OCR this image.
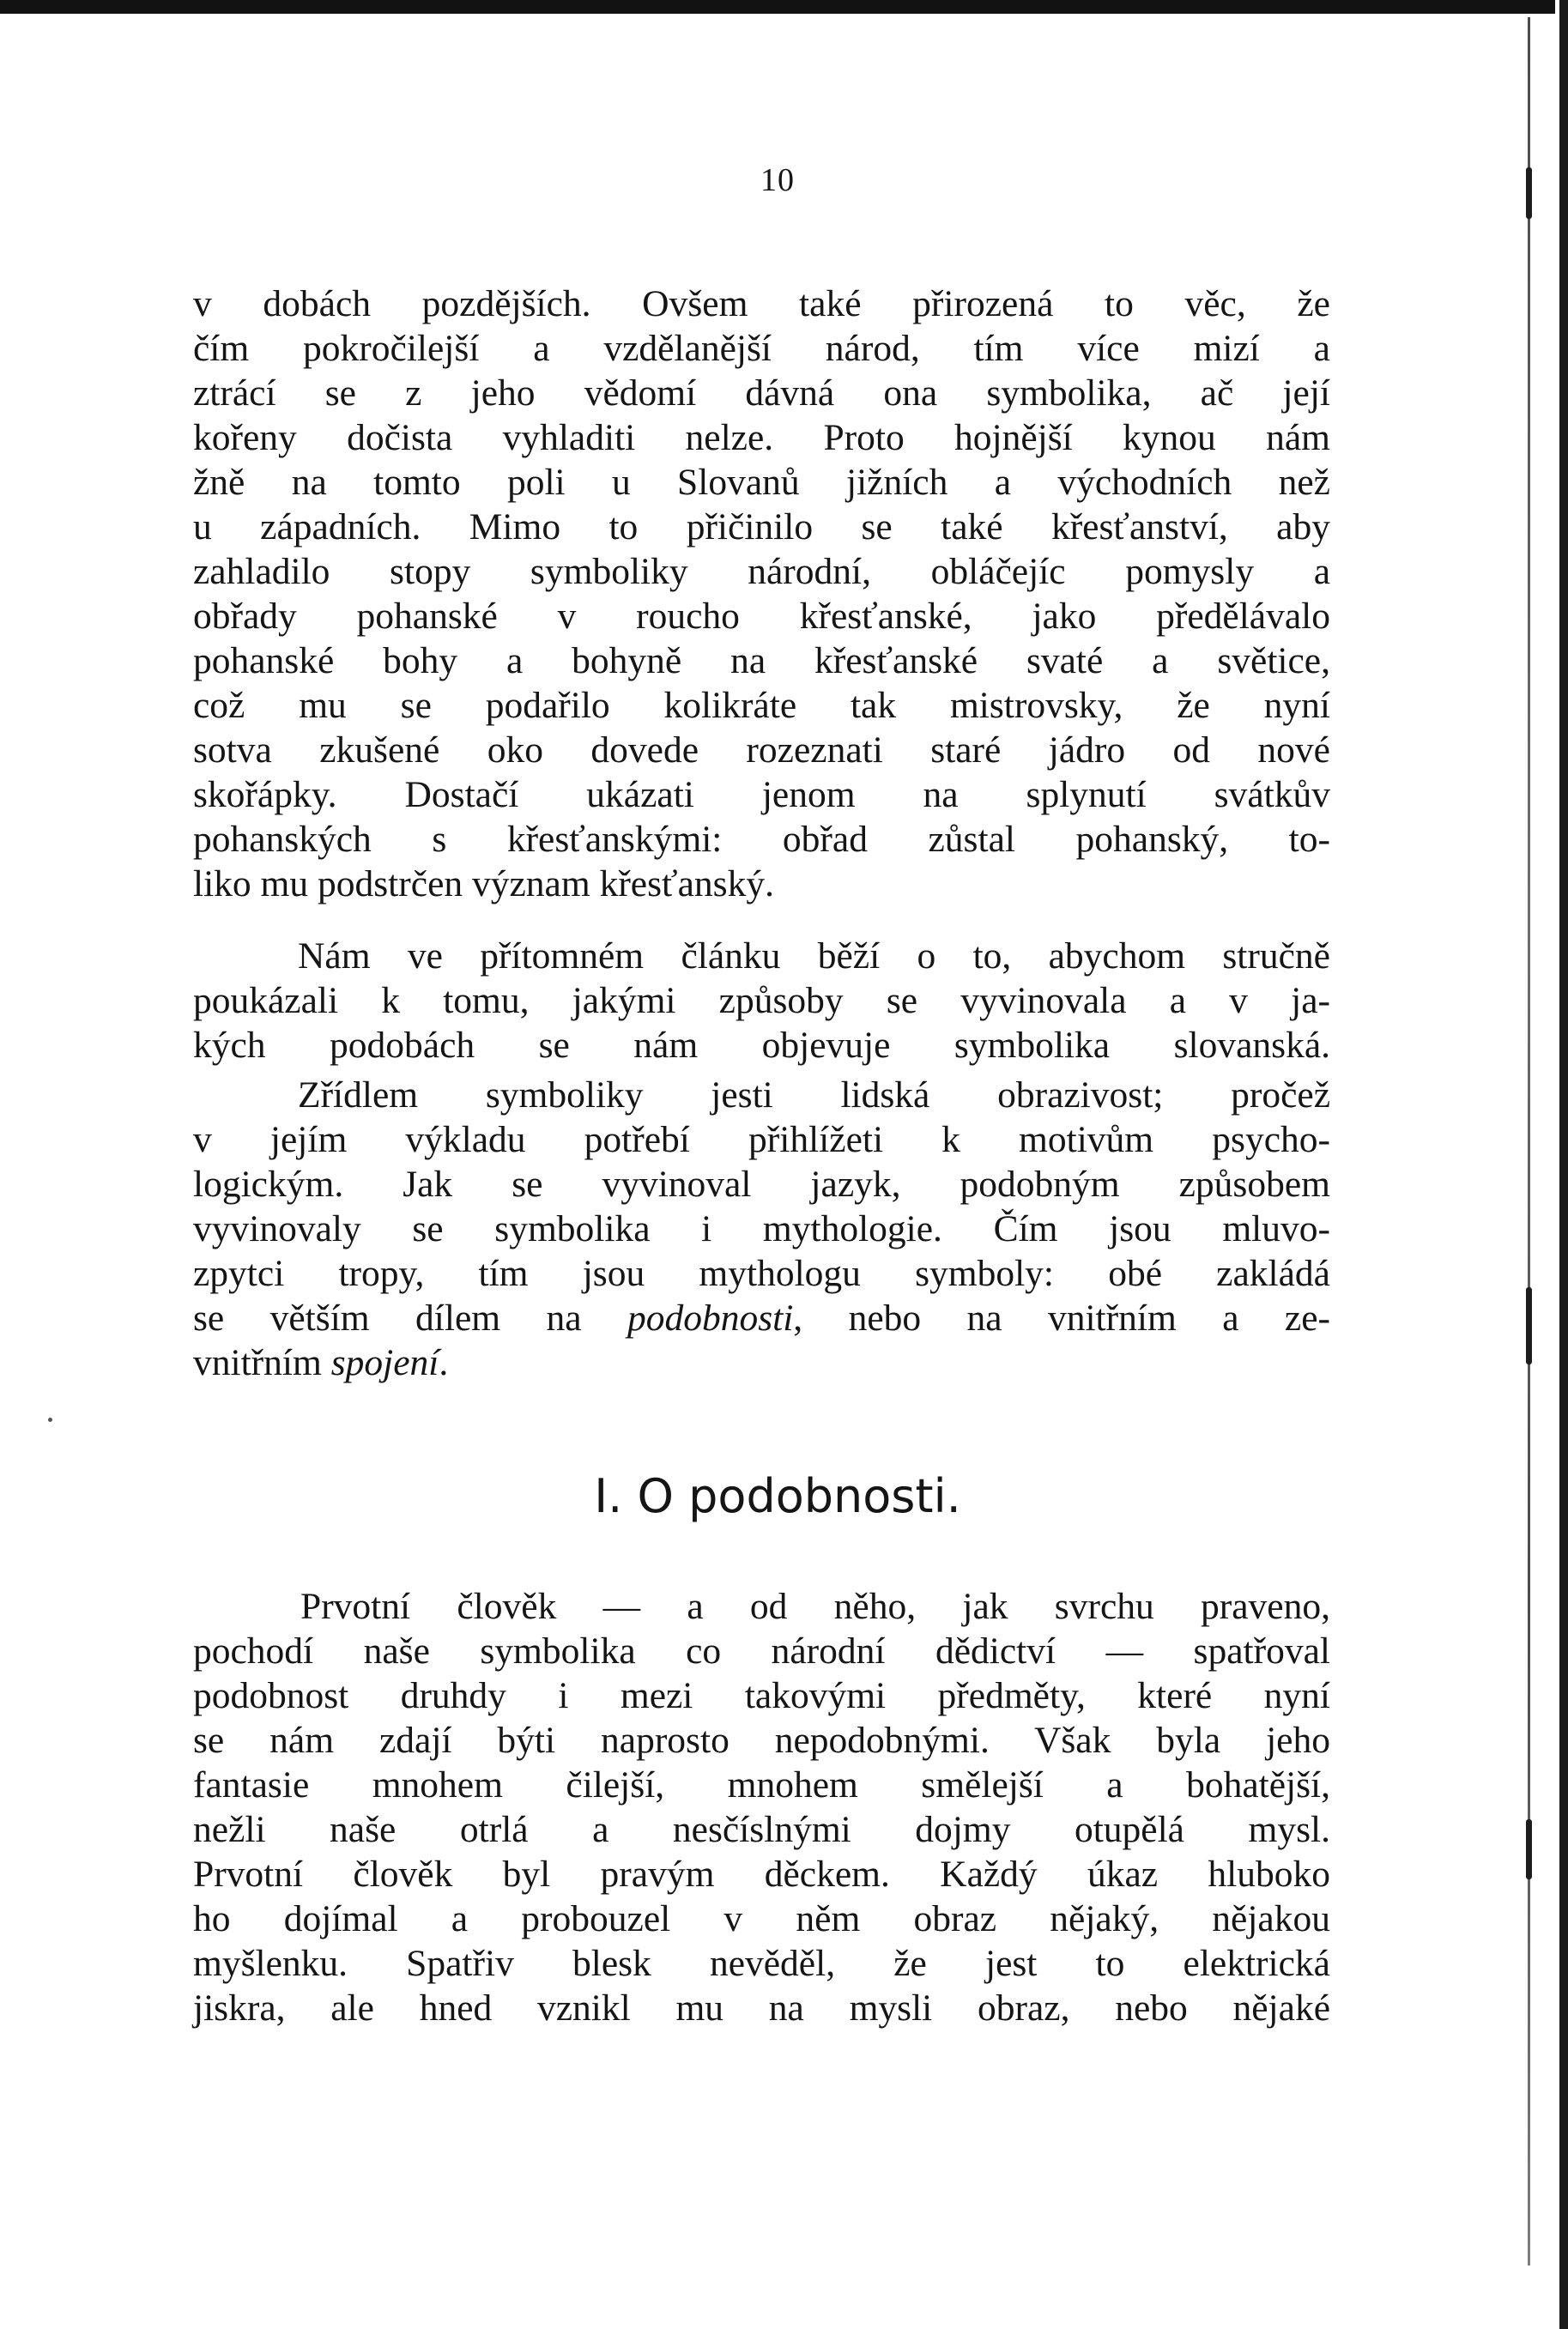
10
v dobách pozdějších. Ovšem také přirozená to věc, že
čím pokročilejší a vzdělanější národ, tím více mizí a
ztrácí se z jeho vědomí dávná ona symbolika, ač její
kořeny dočista vyhladiti nelze. Proto hojnější kynou nám
žně na tomto poli u Slovanů jižních a východních než
u západních. Mimo to přičinilo se také křesťanství, aby
zahladilo stopy symboliky národní, obláčejíc pomysly a
obřady pohanské v roucho křesťanské, jako předělávalo
pohanské bohy a bohyně na křesťanské svaté a světice,
což mu se podařilo kolikráte tak mistrovsky, že nyní
sotva zkušené oko dovede rozeznati staré jádro od nové
skořápky. Dostačí ukázati jenom na splynutí svátkův
pohanských s křesťanskými: obřad zůstal pohanský, to-
liko mu podstrčen význam křesťanský.
Nám ve přítomném článku běží o to, abychom stručně
poukázali k tomu, jakými způsoby se vyvinovala a v ja-
kých podobách se nám objevuje symbolika slovanská.
Zřídlem symboliky jesti lidská obrazivost; pročež
v jejím výkladu potřebí přihlížeti k motivům psycho-
logickým. Jak se vyvinoval jazyk, podobným způsobem
vyvinovaly se symbolika i mythologie. Čím jsou mluvo-
zpytci tropy, tím jsou mythologu symboly: obé zakládá
se větším dílem na podobnosti, nebo na vnitřním a ze-
vnitřním spojení.
I. O podobnosti.
Prvotní člověk — a od něho, jak svrchu praveno,
pochodí naše symbolika co národní dědictví — spatřoval
podobnost druhdy i mezi takovými předměty, které nyní
se nám zdají býti naprosto nepodobnými. Však byla jeho
fantasie mnohem čilejší, mnohem smělejší a bohatější,
nežli naše otrlá a nesčíslnými dojmy otupělá mysl.
Prvotní člověk byl pravým děckem. Každý úkaz hluboko
ho dojímal a probouzel v něm obraz nějaký, nějakou
myšlenku. Spatřiv blesk nevěděl, že jest to elektrická
jiskra, ale hned vznikl mu na mysli obraz, nebo nějaké
